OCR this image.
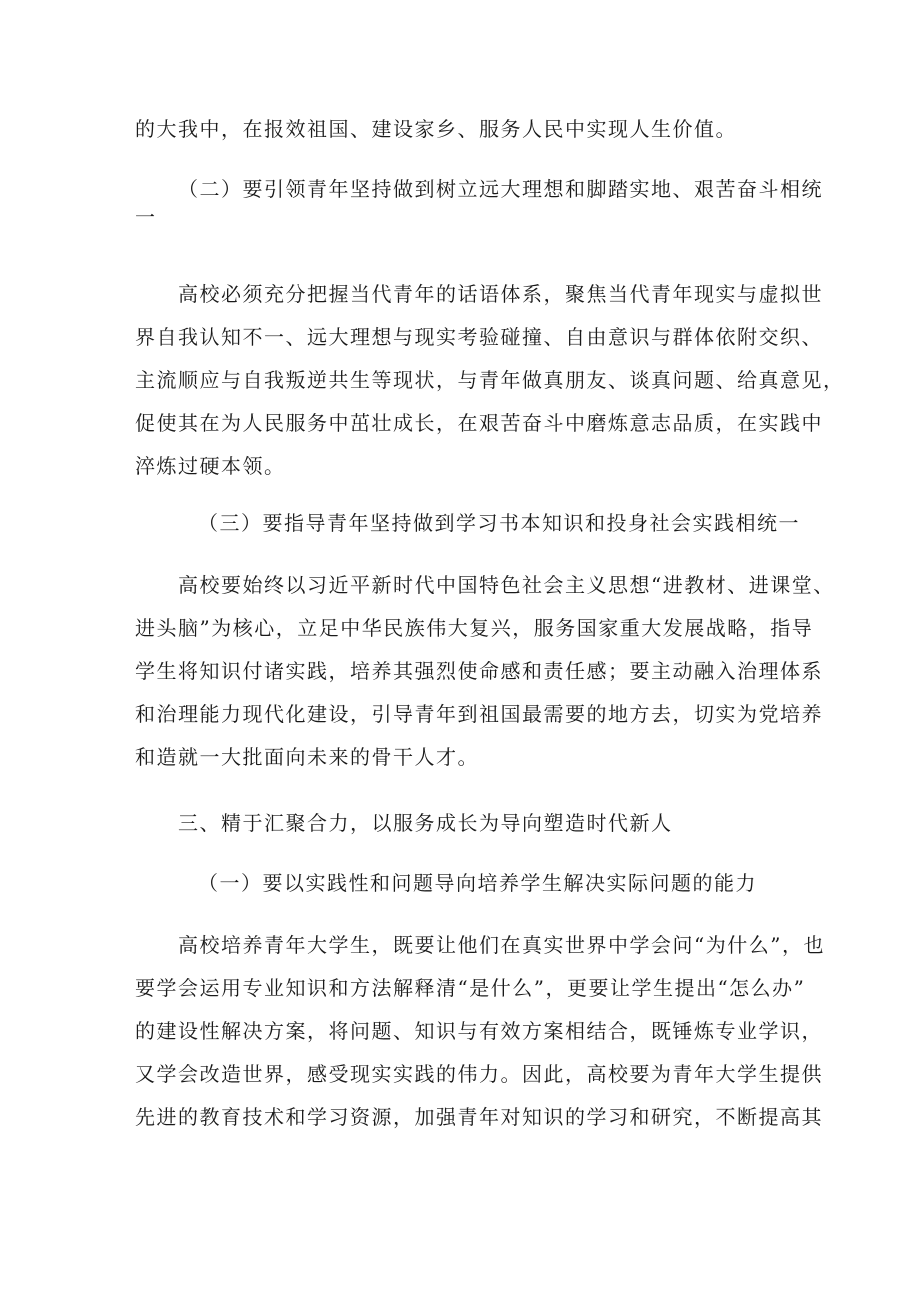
的大我中，在报效祖国、建设家乡、服务人民中实现人生价值。

（二）要引领青年坚持做到树立远大理想和脚踏实地、艰苦奋斗相统

一

高校必须充分把握当代青年的话语体系，聚焦当代青年现实与虚拟世

界自我认知不一、远大理想与现实考验碰撞、自由意识与群体依附交织、

主流顺应与自我叛逆共生等现状，与青年做真朋友、谈真问题、给真意见，

促使其在为人民服务中茁壮成长，在艰苦奋斗中磨炼意志品质，在实践中

淬炼过硬本领。

（三）要指导青年坚持做到学习书本知识和投身社会实践相统一

高校要始终以习近平新时代中国特色社会主义思想“进教材、进课堂、

进头脑”为核心，立足中华民族伟大复兴，服务国家重大发展战略，指导

学生将知识付诸实践，培养其强烈使命感和责任感；要主动融入治理体系

和治理能力现代化建设，引导青年到祖国最需要的地方去，切实为党培养

和造就一大批面向未来的骨干人才。

三、精于汇聚合力，以服务成长为导向塑造时代新人

（一）要以实践性和问题导向培养学生解决实际问题的能力

高校培养青年大学生，既要让他们在真实世界中学会问“为什么”，也

要学会运用专业知识和方法解释清“是什么”，更要让学生提出“怎么办”

的建设性解决方案，将问题、知识与有效方案相结合，既锤炼专业学识，

又学会改造世界，感受现实实践的伟力。因此，高校要为青年大学生提供

先进的教育技术和学习资源，加强青年对知识的学习和研究，不断提高其
